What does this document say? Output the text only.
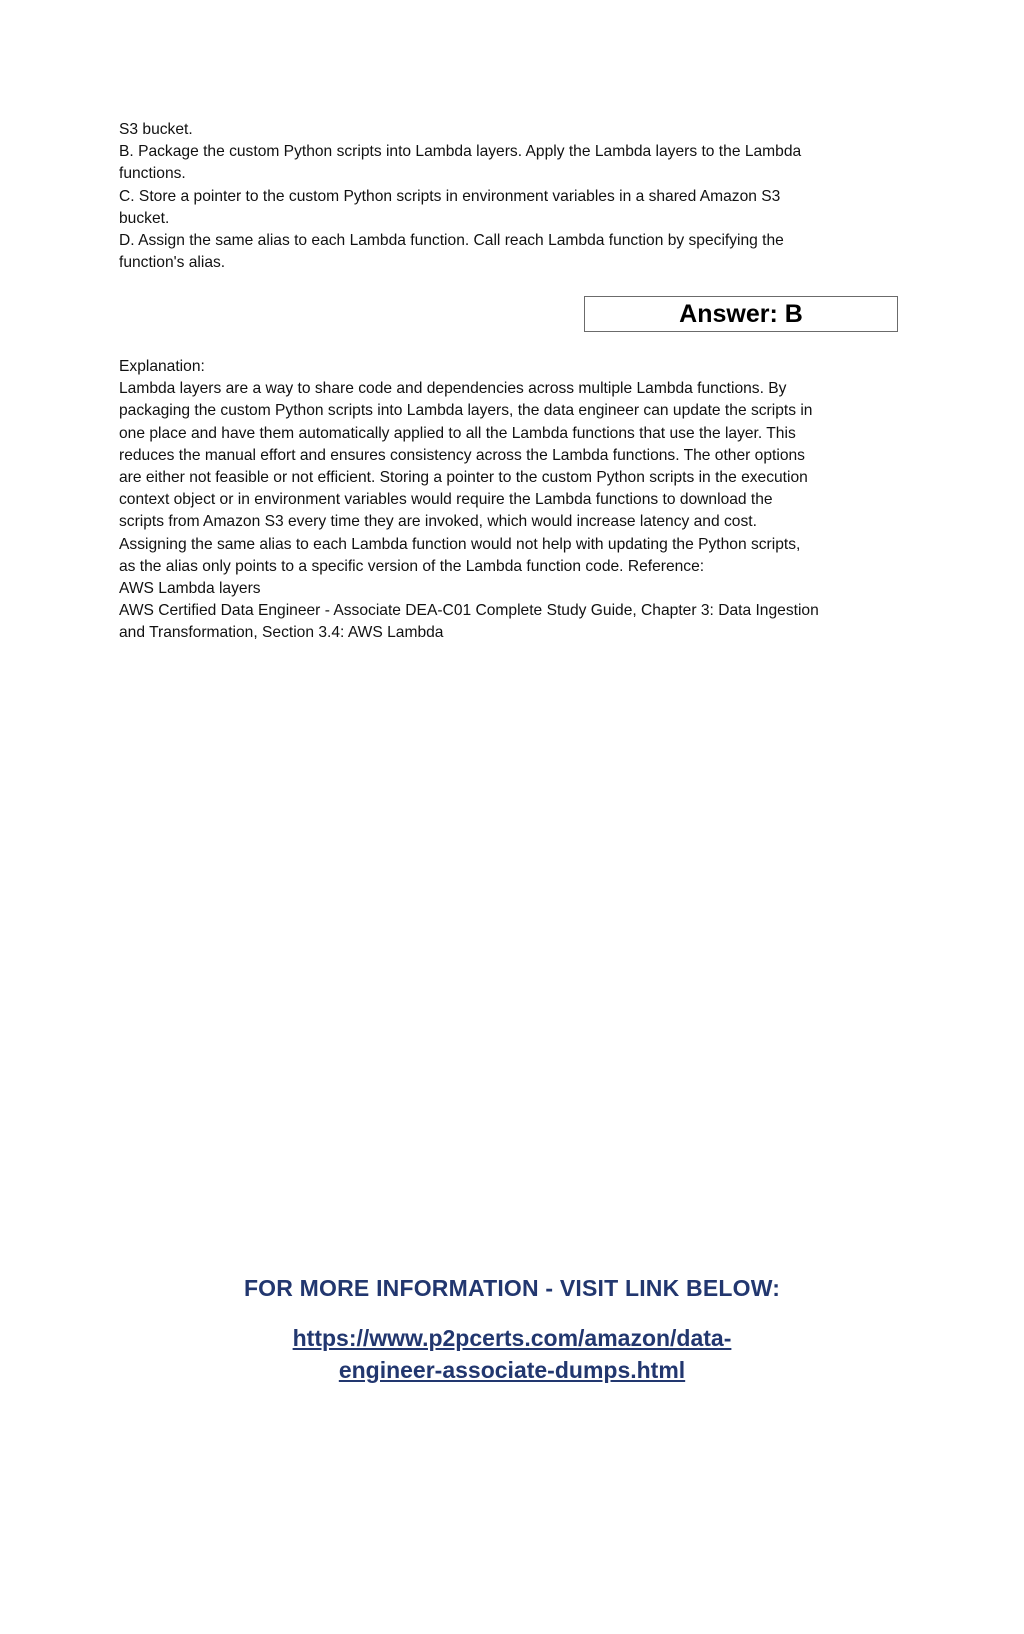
S3 bucket.
B. Package the custom Python scripts into Lambda layers. Apply the Lambda layers to the Lambda
functions.
C. Store a pointer to the custom Python scripts in environment variables in a shared Amazon S3
bucket.
D. Assign the same alias to each Lambda function. Call reach Lambda function by specifying the
function's alias.
Answer: B
Explanation:
Lambda layers are a way to share code and dependencies across multiple Lambda functions. By
packaging the custom Python scripts into Lambda layers, the data engineer can update the scripts in
one place and have them automatically applied to all the Lambda functions that use the layer. This
reduces the manual effort and ensures consistency across the Lambda functions. The other options
are either not feasible or not efficient. Storing a pointer to the custom Python scripts in the execution
context object or in environment variables would require the Lambda functions to download the
scripts from Amazon S3 every time they are invoked, which would increase latency and cost.
Assigning the same alias to each Lambda function would not help with updating the Python scripts,
as the alias only points to a specific version of the Lambda function code. Reference:
AWS Lambda layers
AWS Certified Data Engineer - Associate DEA-C01 Complete Study Guide, Chapter 3: Data Ingestion
and Transformation, Section 3.4: AWS Lambda
FOR MORE INFORMATION - VISIT LINK BELOW:
https://www.p2pcerts.com/amazon/data-
engineer-associate-dumps.html
